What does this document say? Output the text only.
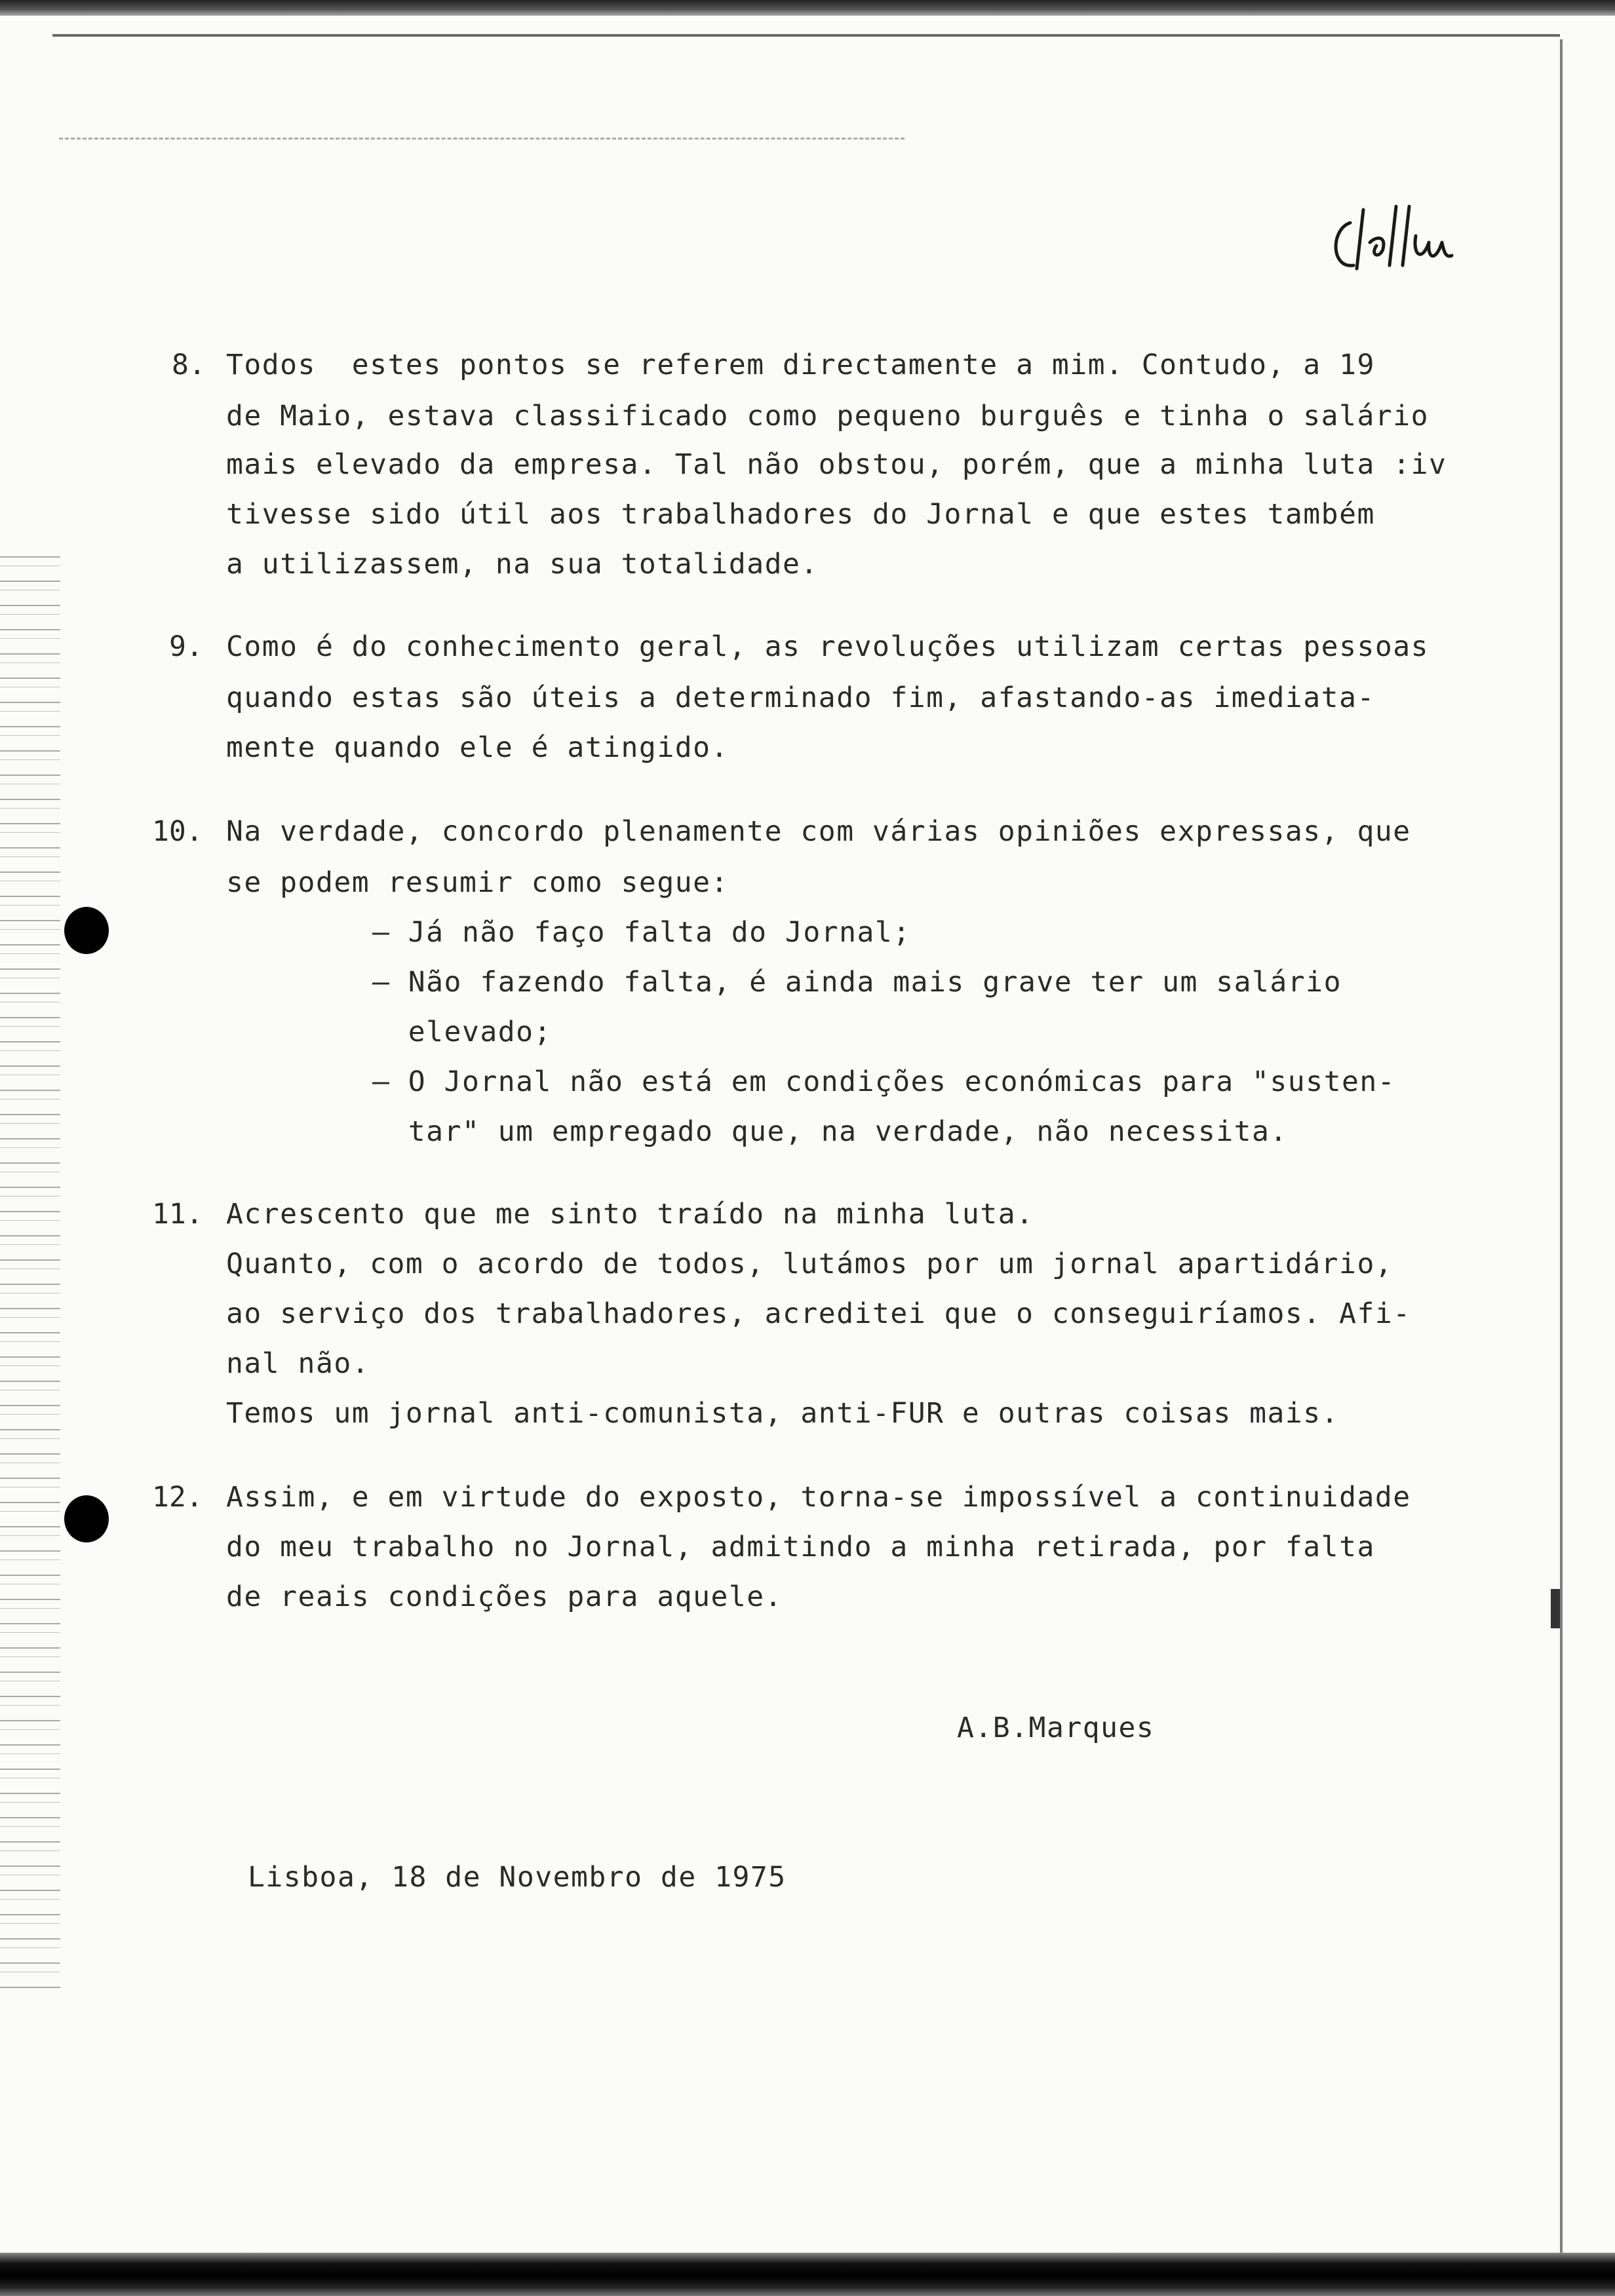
8. Todos  estes pontos se referem directamente a mim. Contudo, a 19
de Maio, estava classificado como pequeno burguês e tinha o salário
mais elevado da empresa. Tal não obstou, porém, que a minha luta :iv
tivesse sido útil aos trabalhadores do Jornal e que estes também
a utilizassem, na sua totalidade.
9. Como é do conhecimento geral, as revoluções utilizam certas pessoas
quando estas são úteis a determinado fim, afastando-as imediata-
mente quando ele é atingido.
10. Na verdade, concordo plenamente com várias opiniões expressas, que
se podem resumir como segue:
– Já não faço falta do Jornal;
– Não fazendo falta, é ainda mais grave ter um salário
elevado;
– O Jornal não está em condições económicas para "susten-
tar" um empregado que, na verdade, não necessita.
11. Acrescento que me sinto traído na minha luta.
Quanto, com o acordo de todos, lutámos por um jornal apartidário,
ao serviço dos trabalhadores, acreditei que o conseguiríamos. Afi-
nal não.
Temos um jornal anti-comunista, anti-FUR e outras coisas mais.
12. Assim, e em virtude do exposto, torna-se impossível a continuidade
do meu trabalho no Jornal, admitindo a minha retirada, por falta
de reais condições para aquele.
A.B.Marques
Lisboa, 18 de Novembro de 1975
